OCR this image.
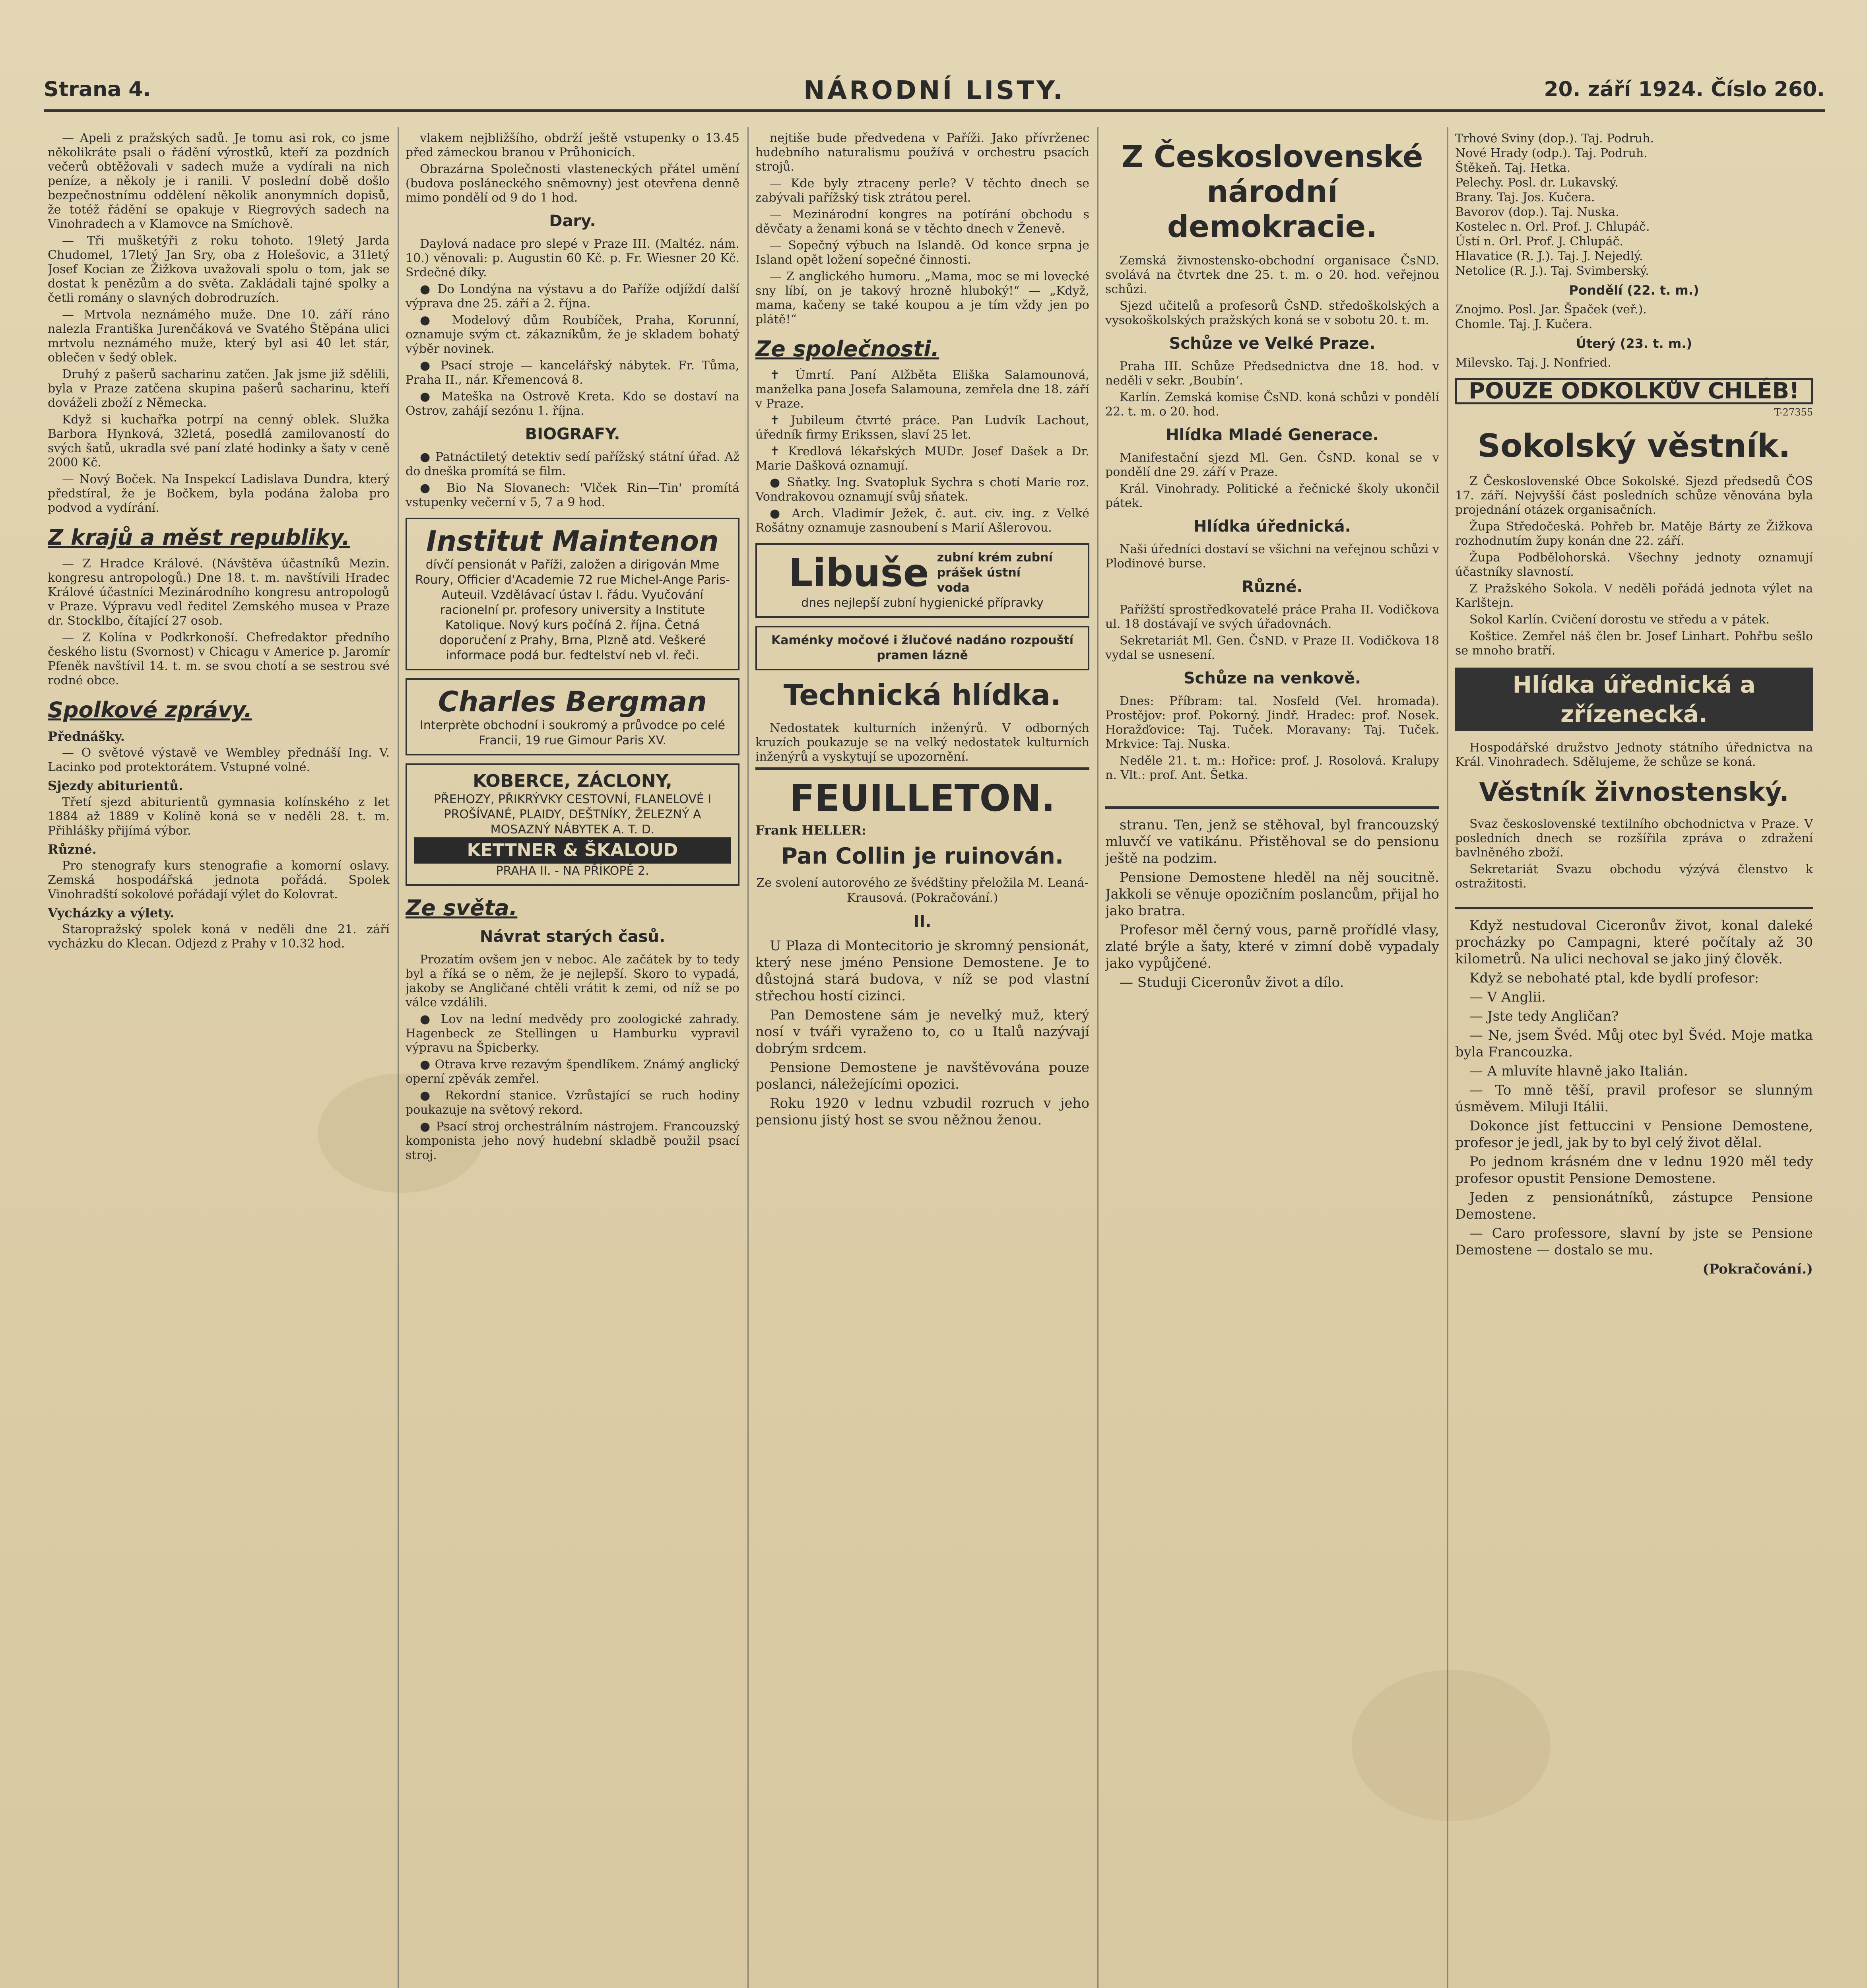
Strana 4.	NÁRODNÍ LISTY.	20. září 1924. Číslo 260.

— Apeli z pražských sadů. Je tomu asi rok, co jsme několikráte psali o řádění výrostků, kteří za pozdních večerů obtěžovali v sadech muže a vydírali na nich peníze, a několy je i ranili. V poslední době došlo bezpečnostnímu oddělení několik anonymních dopisů, že totéž řádění se opakuje v Riegrových sadech na Vinohradech a v Klamovce na Smíchově.

— Tři mušketýři z roku tohoto. 19letý Jarda Chudomel, 17letý Jan Sry, oba z Holešovic, a 31letý Josef Kocian ze Žižkova uvažovali spolu o tom, jak se dostat k penězům a do světa. Zakládali tajné spolky a četli romány o slavných dobrodruzích.

— Mrtvola neznámého muže. Dne 10. září ráno nalezla Františka Jurenčáková ve Svatého Štěpána ulici mrtvolu neznámého muže, který byl asi 40 let stár, oblečen v šedý oblek.

Druhý z pašerů sacharinu zatčen. Jak jsme již sdělili, byla v Praze zatčena skupina pašerů sacharinu, kteří dováželi zboží z Německa.

Když si kuchařka potrpí na cenný oblek. Služka Barbora Hynková, 32letá, posedlá zamilovaností do svých šatů, ukradla své paní zlaté hodinky a šaty v ceně 2000 Kč.

— Nový Boček. Na Inspekcí Ladislava Dundra, který předstíral, že je Bočkem, byla podána žaloba pro podvod a vydírání.

Z krajů a měst republiky.

— Z Hradce Králové. (Návštěva účastníků Mezin. kongresu antropologů.) Dne 18. t. m. navštívili Hradec Králové účastníci Mezinárodního kongresu antropologů v Praze. Výpravu vedl ředitel Zemského musea v Praze dr. Stocklbo, čítající 27 osob.

— Z Kolína v Podkrkonoší. Chefredaktor předního českého listu (Svornost) v Chicagu v Americe p. Jaromír Pfeněk navštívil 14. t. m. se svou chotí a se sestrou své rodné obce.

Spolkové zprávy.
Přednášky.

— O světové výstavě ve Wembley přednáší Ing. V. Lacinko pod protektorátem. Vstupné volné.

Sjezdy abiturientů.

Třetí sjezd abiturientů gymnasia kolínského z let 1884 až 1889 v Kolíně koná se v neděli 28. t. m. Přihlášky přijímá výbor.

Různé.

Pro stenografy kurs stenografie a komorní oslavy. Zemská hospodářská jednota pořádá. Spolek Vinohradští sokolové pořádají výlet do Kolovrat.

Vycházky a výlety.

Staropražský spolek koná v neděli dne 21. září vycházku do Klecan. Odjezd z Prahy v 10.32 hod.

vlakem nejbližšího, obdrží ještě vstupenky o 13.45 před zámeckou branou v Průhonicích.

Obrazárna Společnosti vlasteneckých přátel umění (budova posláneckého sněmovny) jest otevřena denně mimo pondělí od 9 do 1 hod.

Dary.

Daylová nadace pro slepé v Praze III. (Maltéz. nám. 10.) věnovali: p. Augustin 60 Kč. p. Fr. Wiesner 20 Kč. Srdečné díky.

● Do Londýna na výstavu a do Paříže odjíždí další výprava dne 25. září a 2. října.

● Modelový dům Roubíček, Praha, Korunní, oznamuje svým ct. zákazníkům, že je skladem bohatý výběr novinek.

● Psací stroje — kancelářský nábytek. Fr. Tůma, Praha II., nár. Křemencová 8.

● Mateška na Ostrově Kreta. Kdo se dostaví na Ostrov, zahájí sezónu 1. října.

BIOGRAFY.

● Patnáctiletý detektiv sedí pařížský státní úřad. Až do dneška promítá se film.

● Bio Na Slovanech: 'Vlček Rin—Tin' promítá vstupenky večerní v 5, 7 a 9 hod.

Institut Maintenon
dívčí pensionát v Paříži, založen a dirigován Mme Roury, Officier d'Academie 72 rue Michel-Ange Paris-Auteuil. Vzdělávací ústav I. řádu. Vyučování racionelní pr. profesory university a Institute Katolique. Nový kurs počíná 2. října. Četná doporučení z Prahy, Brna, Plzně atd. Veškeré informace podá bur. fedtelství neb vl. řeči.
Charles Bergman
Interprète obchodní i soukromý a průvodce po celé Francii, 19 rue Gimour Paris XV.
KOBERCE, ZÁCLONY,
PŘEHOZY, PŘIKRÝVKY CESTOVNÍ, FLANELOVÉ I PROŠÍVANÉ, PLAIDY, DEŠTNÍKY, ŽELEZNÝ A MOSAZNÝ NÁBYTEK A. T. D.
KETTNER & ŠKALOUD
PRAHA II. - NA PŘÍKOPĚ 2.
Ze světa.
Návrat starých časů.

Prozatím ovšem jen v neboc. Ale začátek by to tedy byl a říká se o něm, že je nejlepší. Skoro to vypadá, jakoby se Angličané chtěli vrátit k zemi, od níž se po válce vzdálili.

● Lov na lední medvědy pro zoologické zahrady. Hagenbeck ze Stellingen u Hamburku vypravil výpravu na Špicberky.

● Otrava krve rezavým špendlíkem. Známý anglický operní zpěvák zemřel.

● Rekordní stanice. Vzrůstající se ruch hodiny poukazuje na světový rekord.

● Psací stroj orchestrálním nástrojem. Francouzský komponista jeho nový hudební skladbě použil psací stroj.

nejtiše bude předvedena v Paříži. Jako přívrženec hudebního naturalismu používá v orchestru psacích strojů.

— Kde byly ztraceny perle? V těchto dnech se zabývali pařížský tisk ztrátou perel.

— Mezinárodní kongres na potírání obchodu s děvčaty a ženami koná se v těchto dnech v Ženevě.

— Sopečný výbuch na Islandě. Od konce srpna je Island opět ložení sopečné činnosti.

— Z anglického humoru. „Mama, moc se mi lovecké sny líbí, on je takový hrozně hluboký!“ — „Když, mama, kačeny se také koupou a je tím vždy jen po plátě!“

Ze společnosti.

✝ Úmrtí. Paní Alžběta Eliška Salamounová, manželka pana Josefa Salamouna, zemřela dne 18. září v Praze.

✝ Jubileum čtvrté práce. Pan Ludvík Lachout, úředník firmy Erikssen, slaví 25 let.

✝ Kredlová lékařských MUDr. Josef Dašek a Dr. Marie Dašková oznamují.

● Sňatky. Ing. Svatopluk Sychra s chotí Marie roz. Vondrakovou oznamují svůj sňatek.

● Arch. Vladimír Ježek, č. aut. civ. ing. z Velké Rošátny oznamuje zasnoubení s Marií Ašlerovou.

Libuše zubní krém zubní prášek ústní voda
dnes nejlepší zubní hygienické přípravky
Kaménky močové i žlučové nadáno rozpouští pramen lázně
Technická hlídka.

Nedostatek kulturních inženýrů. V odborných kruzích poukazuje se na velký nedostatek kulturních inženýrů a vyskytují se upozornění.

FEUILLETON.
Frank HELLER:
Pan Collin je ruinován.
Ze svolení autorového ze švédštiny přeložila M. Leaná-Krausová. (Pokračování.)
II.

U Plaza di Montecitorio je skromný pensionát, který nese jméno Pensione Demostene. Je to důstojná stará budova, v níž se pod vlastní střechou hostí cizinci.

Pan Demostene sám je nevelký muž, který nosí v tváři vyraženo to, co u Italů nazývají dobrým srdcem.

Pensione Demostene je navštěvována pouze poslanci, náležejícími opozici.

Roku 1920 v lednu vzbudil rozruch v jeho pensionu jistý host se svou něžnou ženou.

Z Československé národní demokracie.

Zemská živnostensko-obchodní organisace ČsND. svolává na čtvrtek dne 25. t. m. o 20. hod. veřejnou schůzi.

Sjezd učitelů a profesorů ČsND. středoškolských a vysokoškolských pražských koná se v sobotu 20. t. m.

Schůze ve Velké Praze.

Praha III. Schůze Předsednictva dne 18. hod. v neděli v sekr. ‚Boubín‘.

Karlín. Zemská komise ČsND. koná schůzi v pondělí 22. t. m. o 20. hod.

Hlídka Mladé Generace.

Manifestační sjezd Ml. Gen. ČsND. konal se v pondělí dne 29. září v Praze.

Král. Vinohrady. Politické a řečnické školy ukončil pátek.

Hlídka úřednická.

Naši úředníci dostaví se všichni na veřejnou schůzi v Plodinové burse.

Různé.

Pařížští sprostředkovatelé práce Praha II. Vodičkova ul. 18 dostávají ve svých úřadovnách.

Sekretariát Ml. Gen. ČsND. v Praze II. Vodičkova 18 vydal se usnesení.

Schůze na venkově.

Dnes: Příbram: tal. Nosfeld (Vel. hromada). Prostějov: prof. Pokorný. Jindř. Hradec: prof. Nosek. Horažďovice: Taj. Tuček. Moravany: Taj. Tuček. Mrkvice: Taj. Nuska.

Neděle 21. t. m.: Hořice: prof. J. Rosolová. Kralupy n. Vlt.: prof. Ant. Šetka.

stranu. Ten, jenž se stěhoval, byl francouzský mluvčí ve vatikánu. Přistěhoval se do pensionu ještě na podzim.

Pensione Demostene hleděl na něj soucitně. Jakkoli se věnuje opozičním poslancům, přijal ho jako bratra.

Profesor měl černý vous, parně prořídlé vlasy, zlaté brýle a šaty, které v zimní době vypadaly jako vypůjčené.

— Studuji Ciceronův život a dílo.

Trhové Sviny (dop.). Taj. Podruh.
Nové Hrady (odp.). Taj. Podruh.
Štěkeň. Taj. Hetka.
Pelechy. Posl. dr. Lukavský.
Brany. Taj. Jos. Kučera.
Bavorov (dop.). Taj. Nuska.
Kostelec n. Orl. Prof. J. Chlupáč.
Ústí n. Orl. Prof. J. Chlupáč.
Hlavatice (R. J.). Taj. J. Nejedlý.
Netolice (R. J.). Taj. Svimberský.
Pondělí (22. t. m.)
Znojmo. Posl. Jar. Špaček (veř.).
Chomle. Taj. J. Kučera.
Úterý (23. t. m.)
Milevsko. Taj. J. Nonfried.
POUZE ODKOLKŮV CHLÉB!
T-27355
Sokolský věstník.

Z Československé Obce Sokolské. Sjezd předsedů ČOS 17. září. Nejvyšší část posledních schůze věnována byla projednání otázek organisačních.

Župa Středočeská. Pohřeb br. Matěje Bárty ze Žižkova rozhodnutím župy konán dne 22. září.

Župa Podbělohorská. Všechny jednoty oznamují účastníky slavností.

Z Pražského Sokola. V neděli pořádá jednota výlet na Karlštejn.

Sokol Karlín. Cvičení dorostu ve středu a v pátek.

Koštice. Zemřel náš člen br. Josef Linhart. Pohřbu sešlo se mnoho bratří.

Hlídka úřednická a zřízenecká.

Hospodářské družstvo Jednoty státního úřednictva na Král. Vinohradech. Sdělujeme, že schůze se koná.

Věstník živnostenský.

Svaz československé textilního obchodnictva v Praze. V posledních dnech se rozšířila zpráva o zdražení bavlněného zboží.

Sekretariát Svazu obchodu výzývá členstvo k ostražitosti.

Když nestudoval Ciceronův život, konal daleké procházky po Campagni, které počítaly až 30 kilometrů. Na ulici nechoval se jako jiný člověk.

Když se nebohaté ptal, kde bydlí profesor:

— V Anglii.

— Jste tedy Angličan?

— Ne, jsem Švéd. Můj otec byl Švéd. Moje matka byla Francouzka.

— A mluvíte hlavně jako Italián.

— To mně těší, pravil profesor se slunným úsměvem. Miluji Itálii.

Dokonce jíst fettuccini v Pensione Demostene, profesor je jedl, jak by to byl celý život dělal.

Po jednom krásném dne v lednu 1920 měl tedy profesor opustit Pensione Demostene.

Jeden z pensionátníků, zástupce Pensione Demostene.

— Caro professore, slavní by jste se Pensione Demostene — dostalo se mu.

(Pokračování.)
